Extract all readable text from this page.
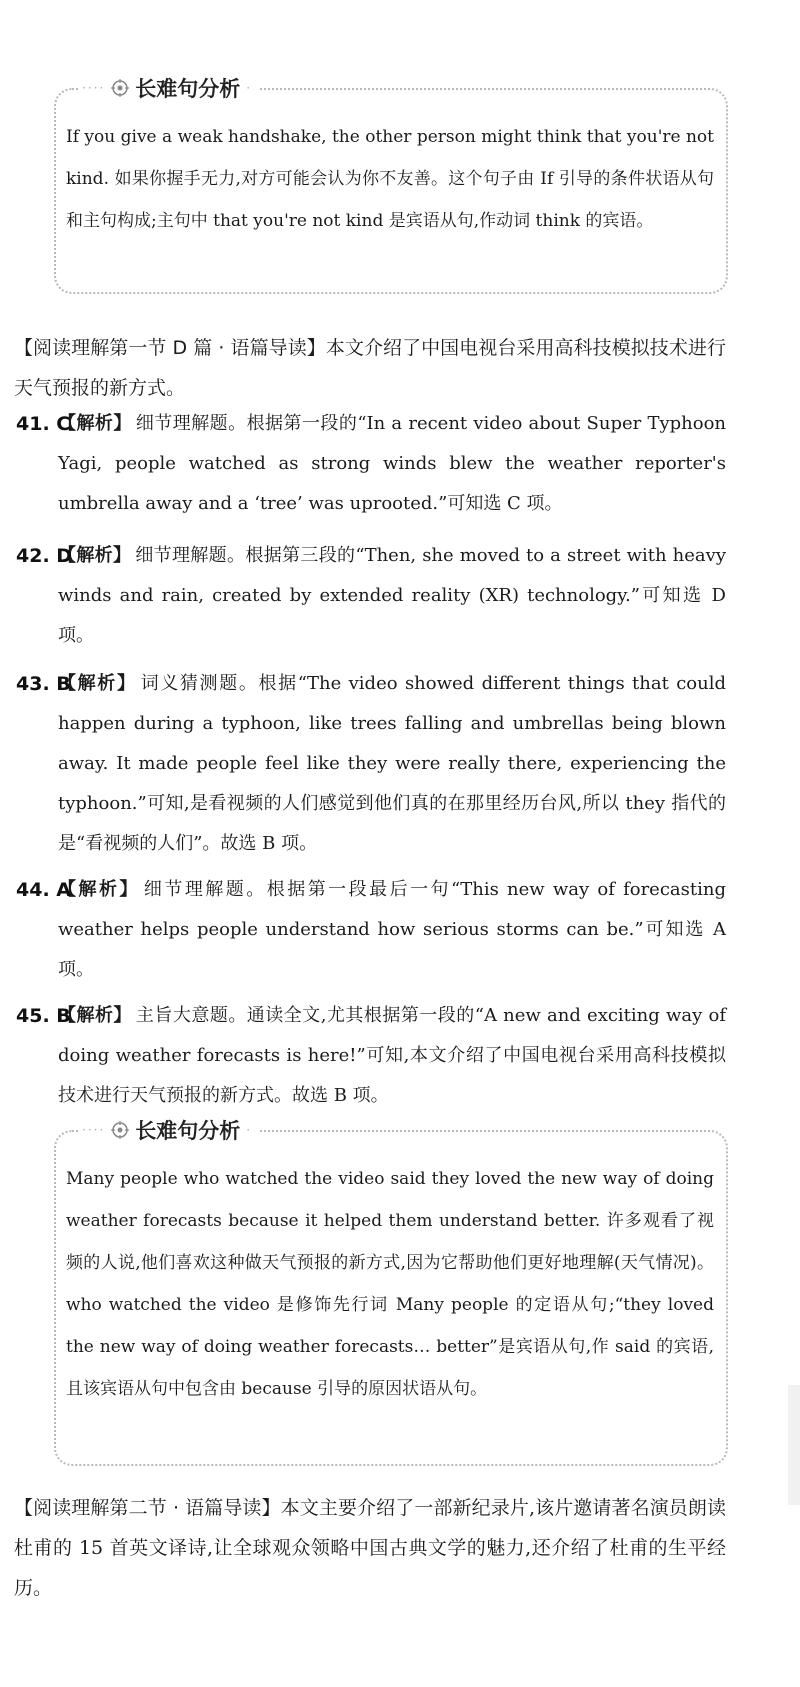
···· 长难句分析 ·
If you give a weak handshake, the other person might think that you're not kind. 如果你握手无力,对方可能会认为你不友善。这个句子由 If 引导的条件状语从句和主句构成;主句中 that you're not kind 是宾语从句,作动词 think 的宾语。
【阅读理解第一节 D 篇 · 语篇导读】本文介绍了中国电视台采用高科技模拟技术进行天气预报的新方式。
41. C
【解析】 细节理解题。根据第一段的“In a recent video about Super Typhoon Yagi, people watched as strong winds blew the weather reporter's umbrella away and a ‘tree’ was uprooted.”可知选 C 项。
42. D
【解析】 细节理解题。根据第三段的“Then, she moved to a street with heavy winds and rain, created by extended reality (XR) technology.”可知选 D 项。
43. B
【解析】 词义猜测题。根据“The video showed different things that could happen during a typhoon, like trees falling and umbrellas being blown away. It made people feel like they were really there, experiencing the typhoon.”可知,是看视频的人们感觉到他们真的在那里经历台风,所以 they 指代的是“看视频的人们”。故选 B 项。
44. A
【解析】 细节理解题。根据第一段最后一句“This new way of forecasting weather helps people understand how serious storms can be.”可知选 A 项。
45. B
【解析】 主旨大意题。通读全文,尤其根据第一段的“A new and exciting way of doing weather forecasts is here!”可知,本文介绍了中国电视台采用高科技模拟技术进行天气预报的新方式。故选 B 项。
···· 长难句分析 ·
Many people who watched the video said they loved the new way of doing weather forecasts because it helped them understand better. 许多观看了视频的人说,他们喜欢这种做天气预报的新方式,因为它帮助他们更好地理解(天气情况)。who watched the video 是修饰先行词 Many people 的定语从句;“they loved the new way of doing weather forecasts… better”是宾语从句,作 said 的宾语,且该宾语从句中包含由 because 引导的原因状语从句。
【阅读理解第二节 · 语篇导读】本文主要介绍了一部新纪录片,该片邀请著名演员朗读杜甫的 15 首英文译诗,让全球观众领略中国古典文学的魅力,还介绍了杜甫的生平经历。
